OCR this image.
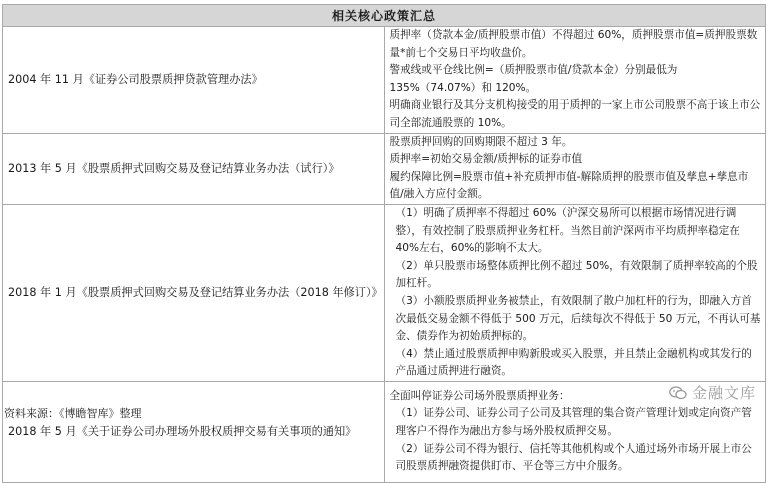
相关核心政策汇总	
2004 年 11 月《证券公司股票质押贷款管理办法》	质押率（贷款本金/质押股票市值）不得超过 60%，质押股票市值=质押股票数量*前七个交易日平均收盘价。
警戒线或平仓线比例=（质押股票市值/贷款本金）分别最低为 135%（74.07%）和 120%。
明确商业银行及其分支机构接受的用于质押的一家上市公司股票不高于该上市公司全部流通股票的 10%。

2013 年 5 月《股票质押式回购交易及登记结算业务办法（试行）》	股票质押回购的回购期限不超过 3 年。
质押率=初始交易金额/质押标的证券市值
履约保障比例=股票市值+补充质押市值-解除质押的股票市值及孳息+孳息市值/融入方应付金额。

2018 年 1 月《股票质押式回购交易及登记结算业务办法（2018 年修订）》	（1）明确了质押率不得超过 60%（沪深交易所可以根据市场情况进行调整），有效控制了股票质押业务杠杆。当然目前沪深两市平均质押率稳定在 40%左右，60%的影响不太大。
（2）单只股票市场整体质押比例不超过 50%，有效限制了质押率较高的个股加杠杆。
（3）小额股票质押业务被禁止，有效限制了散户加杠杆的行为，即融入方首次最低交易金额不得低于 500 万元，后续每次不得低于 50 万元，不再认可基金、债券作为初始质押标的。
（4）禁止通过股票质押申购新股或买入股票，并且禁止金融机构或其发行的产品通过质押进行融资。

2018 年 5 月《关于证券公司办理场外股权质押交易有关事项的通知》	全面叫停证券公司场外股票质押业务：
（1）证券公司、证券公司子公司及其管理的集合资产管理计划或定向资产管理客户不得作为融出方参与场外股权质押交易。
（2）证券公司不得为银行、信托等其他机构或个人通过场外市场开展上市公司股票质押融资提供盯市、平仓等三方中介服务。
资料来源：《博瞻智库》整理
金融文库
